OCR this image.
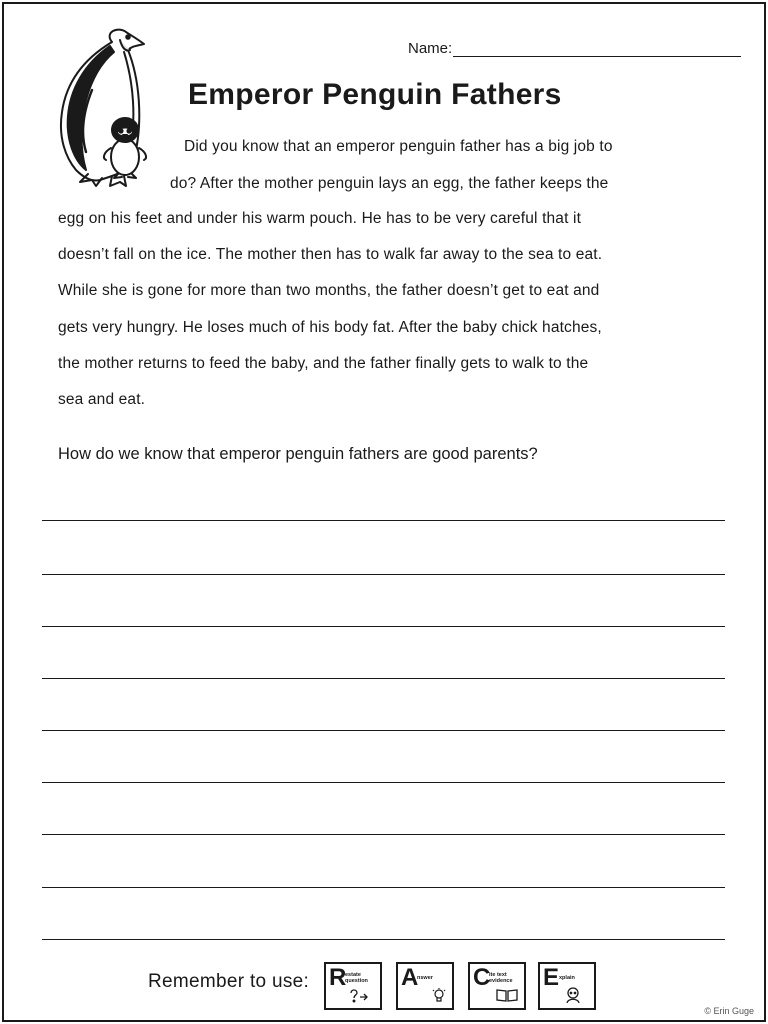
Name:
Emperor Penguin Fathers
Did you know that an emperor penguin father has a big job to
do? After the mother penguin lays an egg, the father keeps the
egg on his feet and under his warm pouch. He has to be very careful that it
doesn’t fall on the ice. The mother then has to walk far away to the sea to eat.
While she is gone for more than two months, the father doesn’t get to eat and
gets very hungry. He loses much of his body fat. After the baby chick hatches,
the mother returns to feed the baby, and the father finally gets to walk to the
sea and eat.
How do we know that emperor penguin fathers are good parents?
Remember to use: R
estate question A
nswer C
ite text evidence E xplain
© Erin Guge
